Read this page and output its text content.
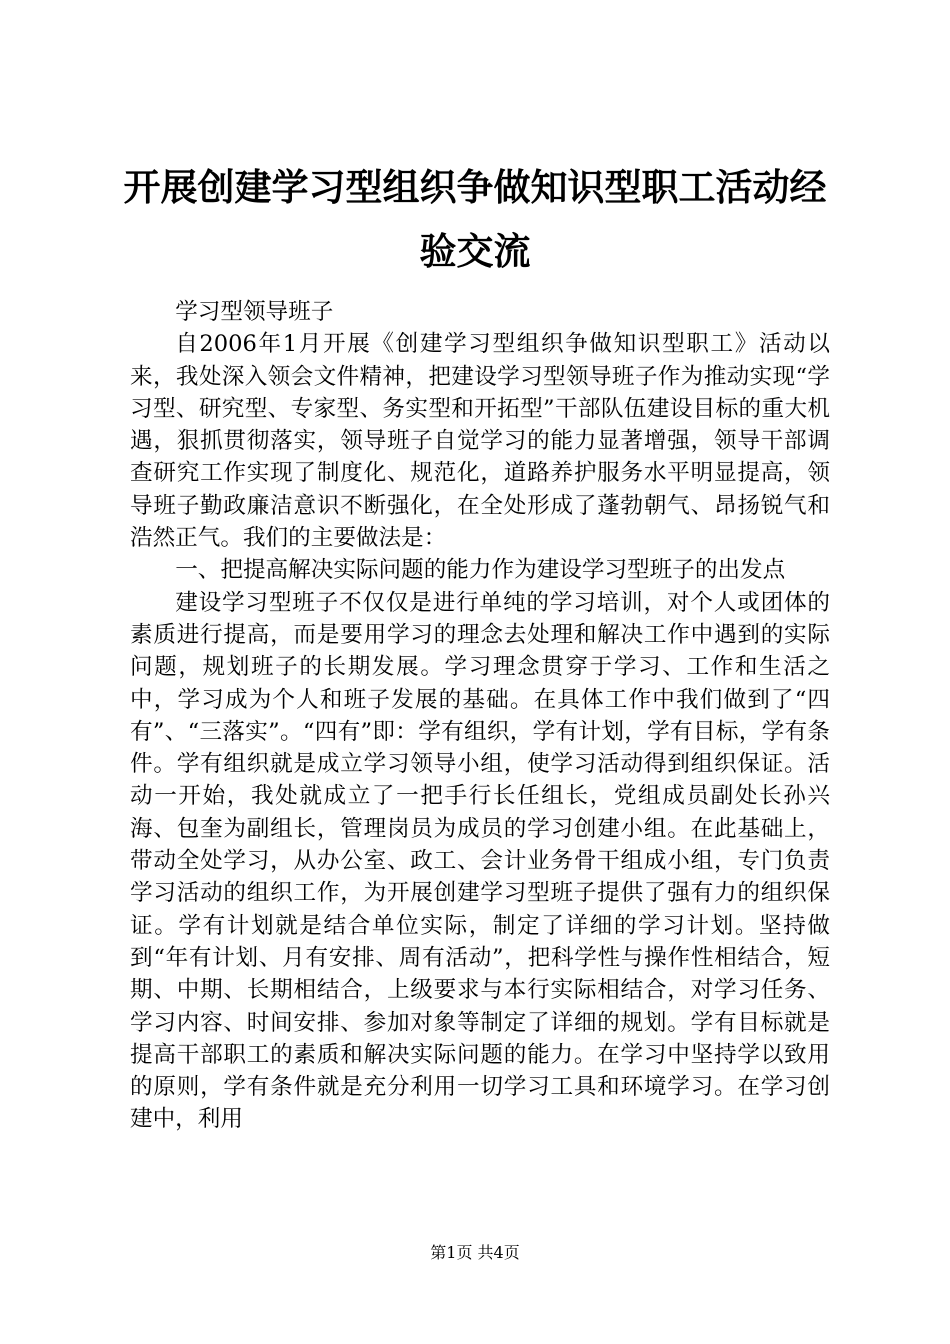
开展创建学习型组织争做知识型职工活动经验交流

学习型领导班子

自2006年1月开展《创建学习型组织争做知识型职工》活动以来，我处深入领会文件精神，把建设学习型领导班子作为推动实现“学习型、研究型、专家型、务实型和开拓型”干部队伍建设目标的重大机遇，狠抓贯彻落实，领导班子自觉学习的能力显著增强，领导干部调查研究工作实现了制度化、规范化，道路养护服务水平明显提高，领导班子勤政廉洁意识不断强化，在全处形成了蓬勃朝气、昂扬锐气和浩然正气。我们的主要做法是：

一、把提高解决实际问题的能力作为建设学习型班子的出发点

建设学习型班子不仅仅是进行单纯的学习培训，对个人或团体的素质进行提高，而是要用学习的理念去处理和解决工作中遇到的实际问题，规划班子的长期发展。学习理念贯穿于学习、工作和生活之中，学习成为个人和班子发展的基础。在具体工作中我们做到了“四有”、“三落实”。“四有”即：学有组织，学有计划，学有目标，学有条件。学有组织就是成立学习领导小组，使学习活动得到组织保证。活动一开始，我处就成立了一把手行长任组长，党组成员副处长孙兴海、包奎为副组长，管理岗员为成员的学习创建小组。在此基础上，带动全处学习，从办公室、政工、会计业务骨干组成小组，专门负责学习活动的组织工作，为开展创建学习型班子提供了强有力的组织保证。学有计划就是结合单位实际，制定了详细的学习计划。坚持做到“年有计划、月有安排、周有活动”，把科学性与操作性相结合，短期、中期、长期相结合，上级要求与本行实际相结合，对学习任务、学习内容、时间安排、参加对象等制定了详细的规划。学有目标就是提高干部职工的素质和解决实际问题的能力。在学习中坚持学以致用的原则，学有条件就是充分利用一切学习工具和环境学习。在学习创建中，利用

第1页 共4页
